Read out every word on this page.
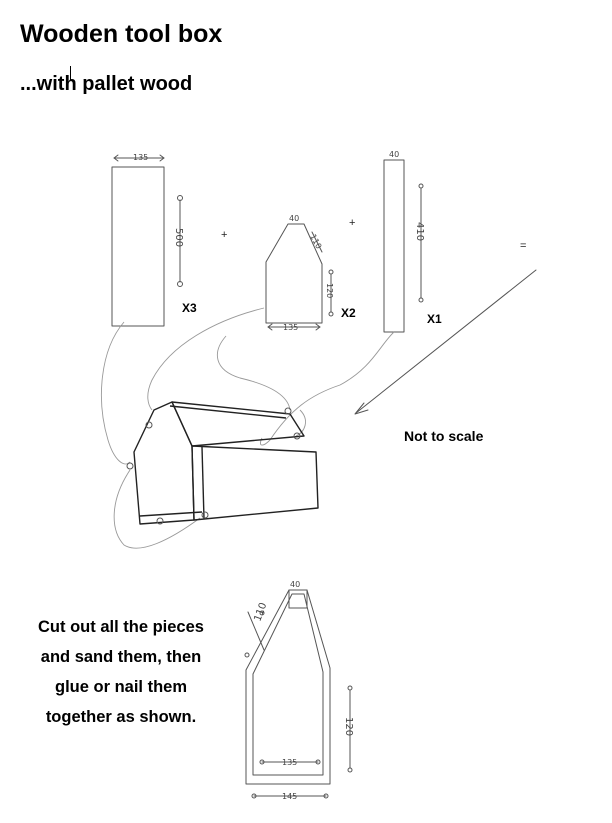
Wooden tool box
...with pallet wood
135
500	+
40
110
120
135
+
40
410
=
40
110
120
135
145
X3	X2	X1
Not to scale

Cut out all the pieces and sand them, then glue or nail them together as shown.
